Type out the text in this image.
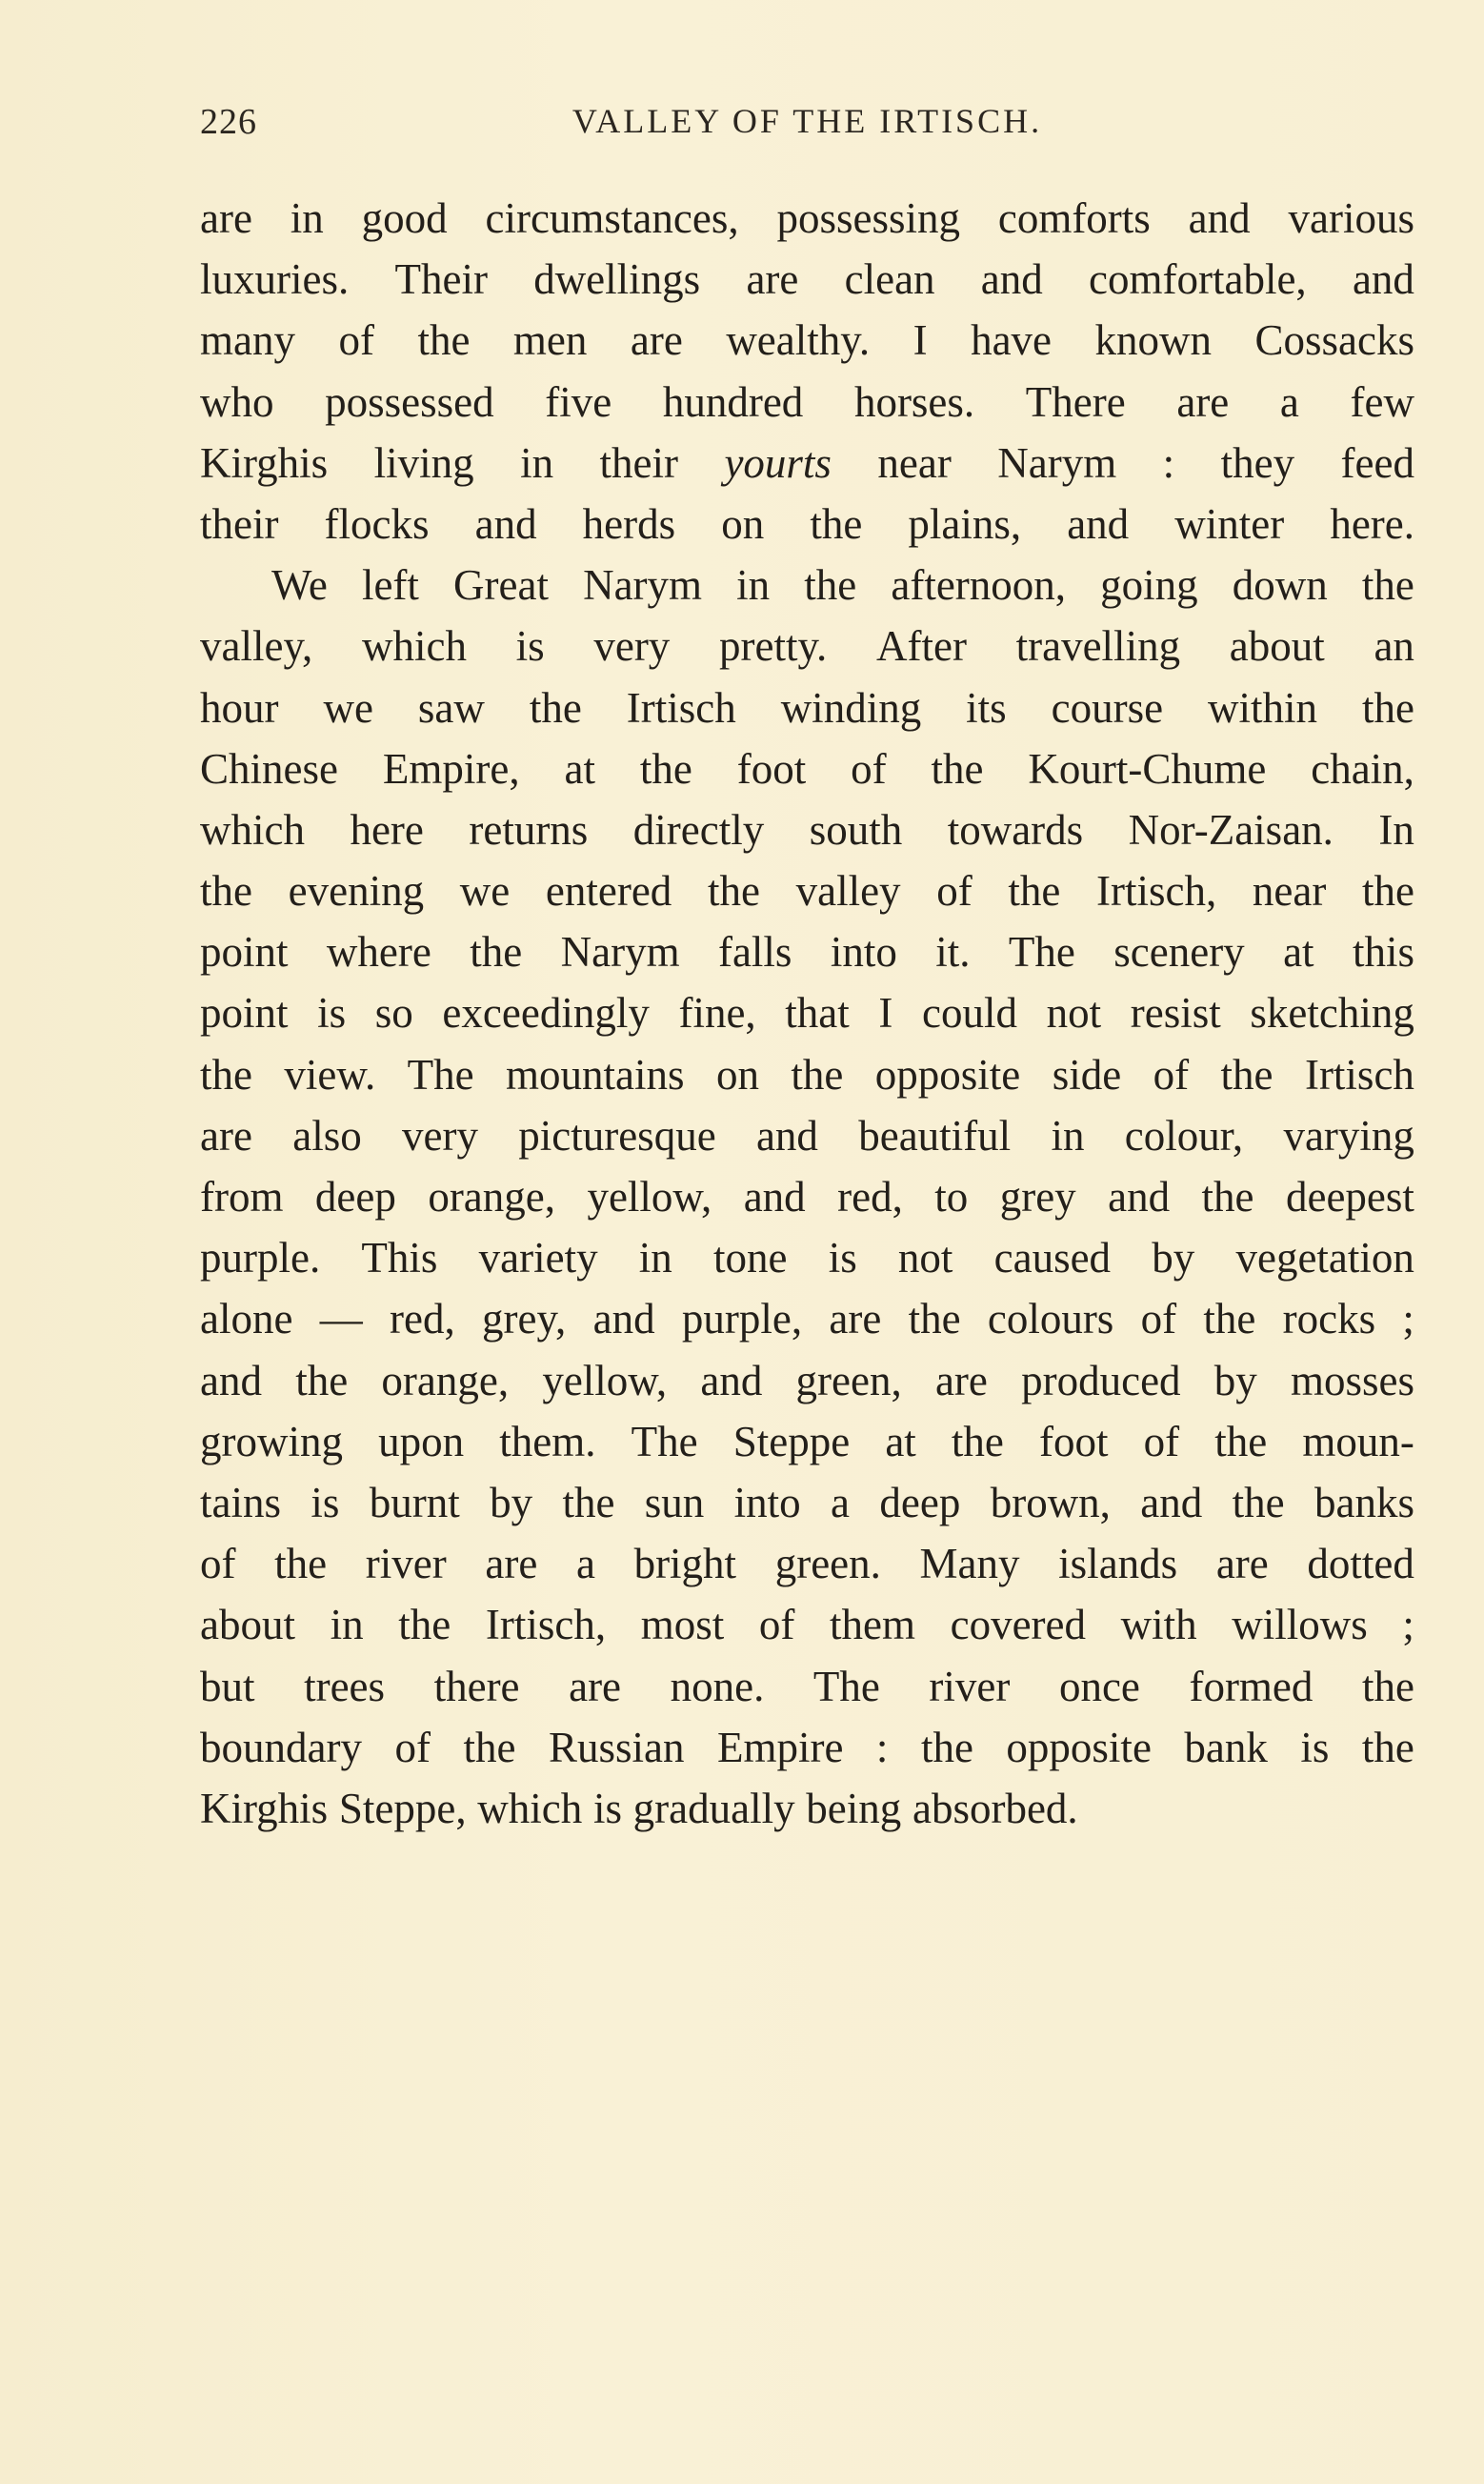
226	VALLEY OF THE IRTISCH.
are in good circumstances, possessing comforts and various
luxuries. Their dwellings are clean and comfortable, and
many of the men are wealthy. I have known Cossacks
who possessed five hundred horses. There are a few
Kirghis living in their yourts near Narym : they feed
their flocks and herds on the plains, and winter here.
We left Great Narym in the afternoon, going down the
valley, which is very pretty. After travelling about an
hour we saw the Irtisch winding its course within the
Chinese Empire, at the foot of the Kourt-Chume chain,
which here returns directly south towards Nor-Zaisan. In
the evening we entered the valley of the Irtisch, near the
point where the Narym falls into it. The scenery at this
point is so exceedingly fine, that I could not resist sketching
the view. The mountains on the opposite side of the Irtisch
are also very picturesque and beautiful in colour, varying
from deep orange, yellow, and red, to grey and the deepest
purple. This variety in tone is not caused by vegetation
alone — red, grey, and purple, are the colours of the rocks ;
and the orange, yellow, and green, are produced by mosses
growing upon them. The Steppe at the foot of the moun-
tains is burnt by the sun into a deep brown, and the banks
of the river are a bright green. Many islands are dotted
about in the Irtisch, most of them covered with willows ;
but trees there are none. The river once formed the
boundary of the Russian Empire : the opposite bank is the
Kirghis Steppe, which is gradually being absorbed.
